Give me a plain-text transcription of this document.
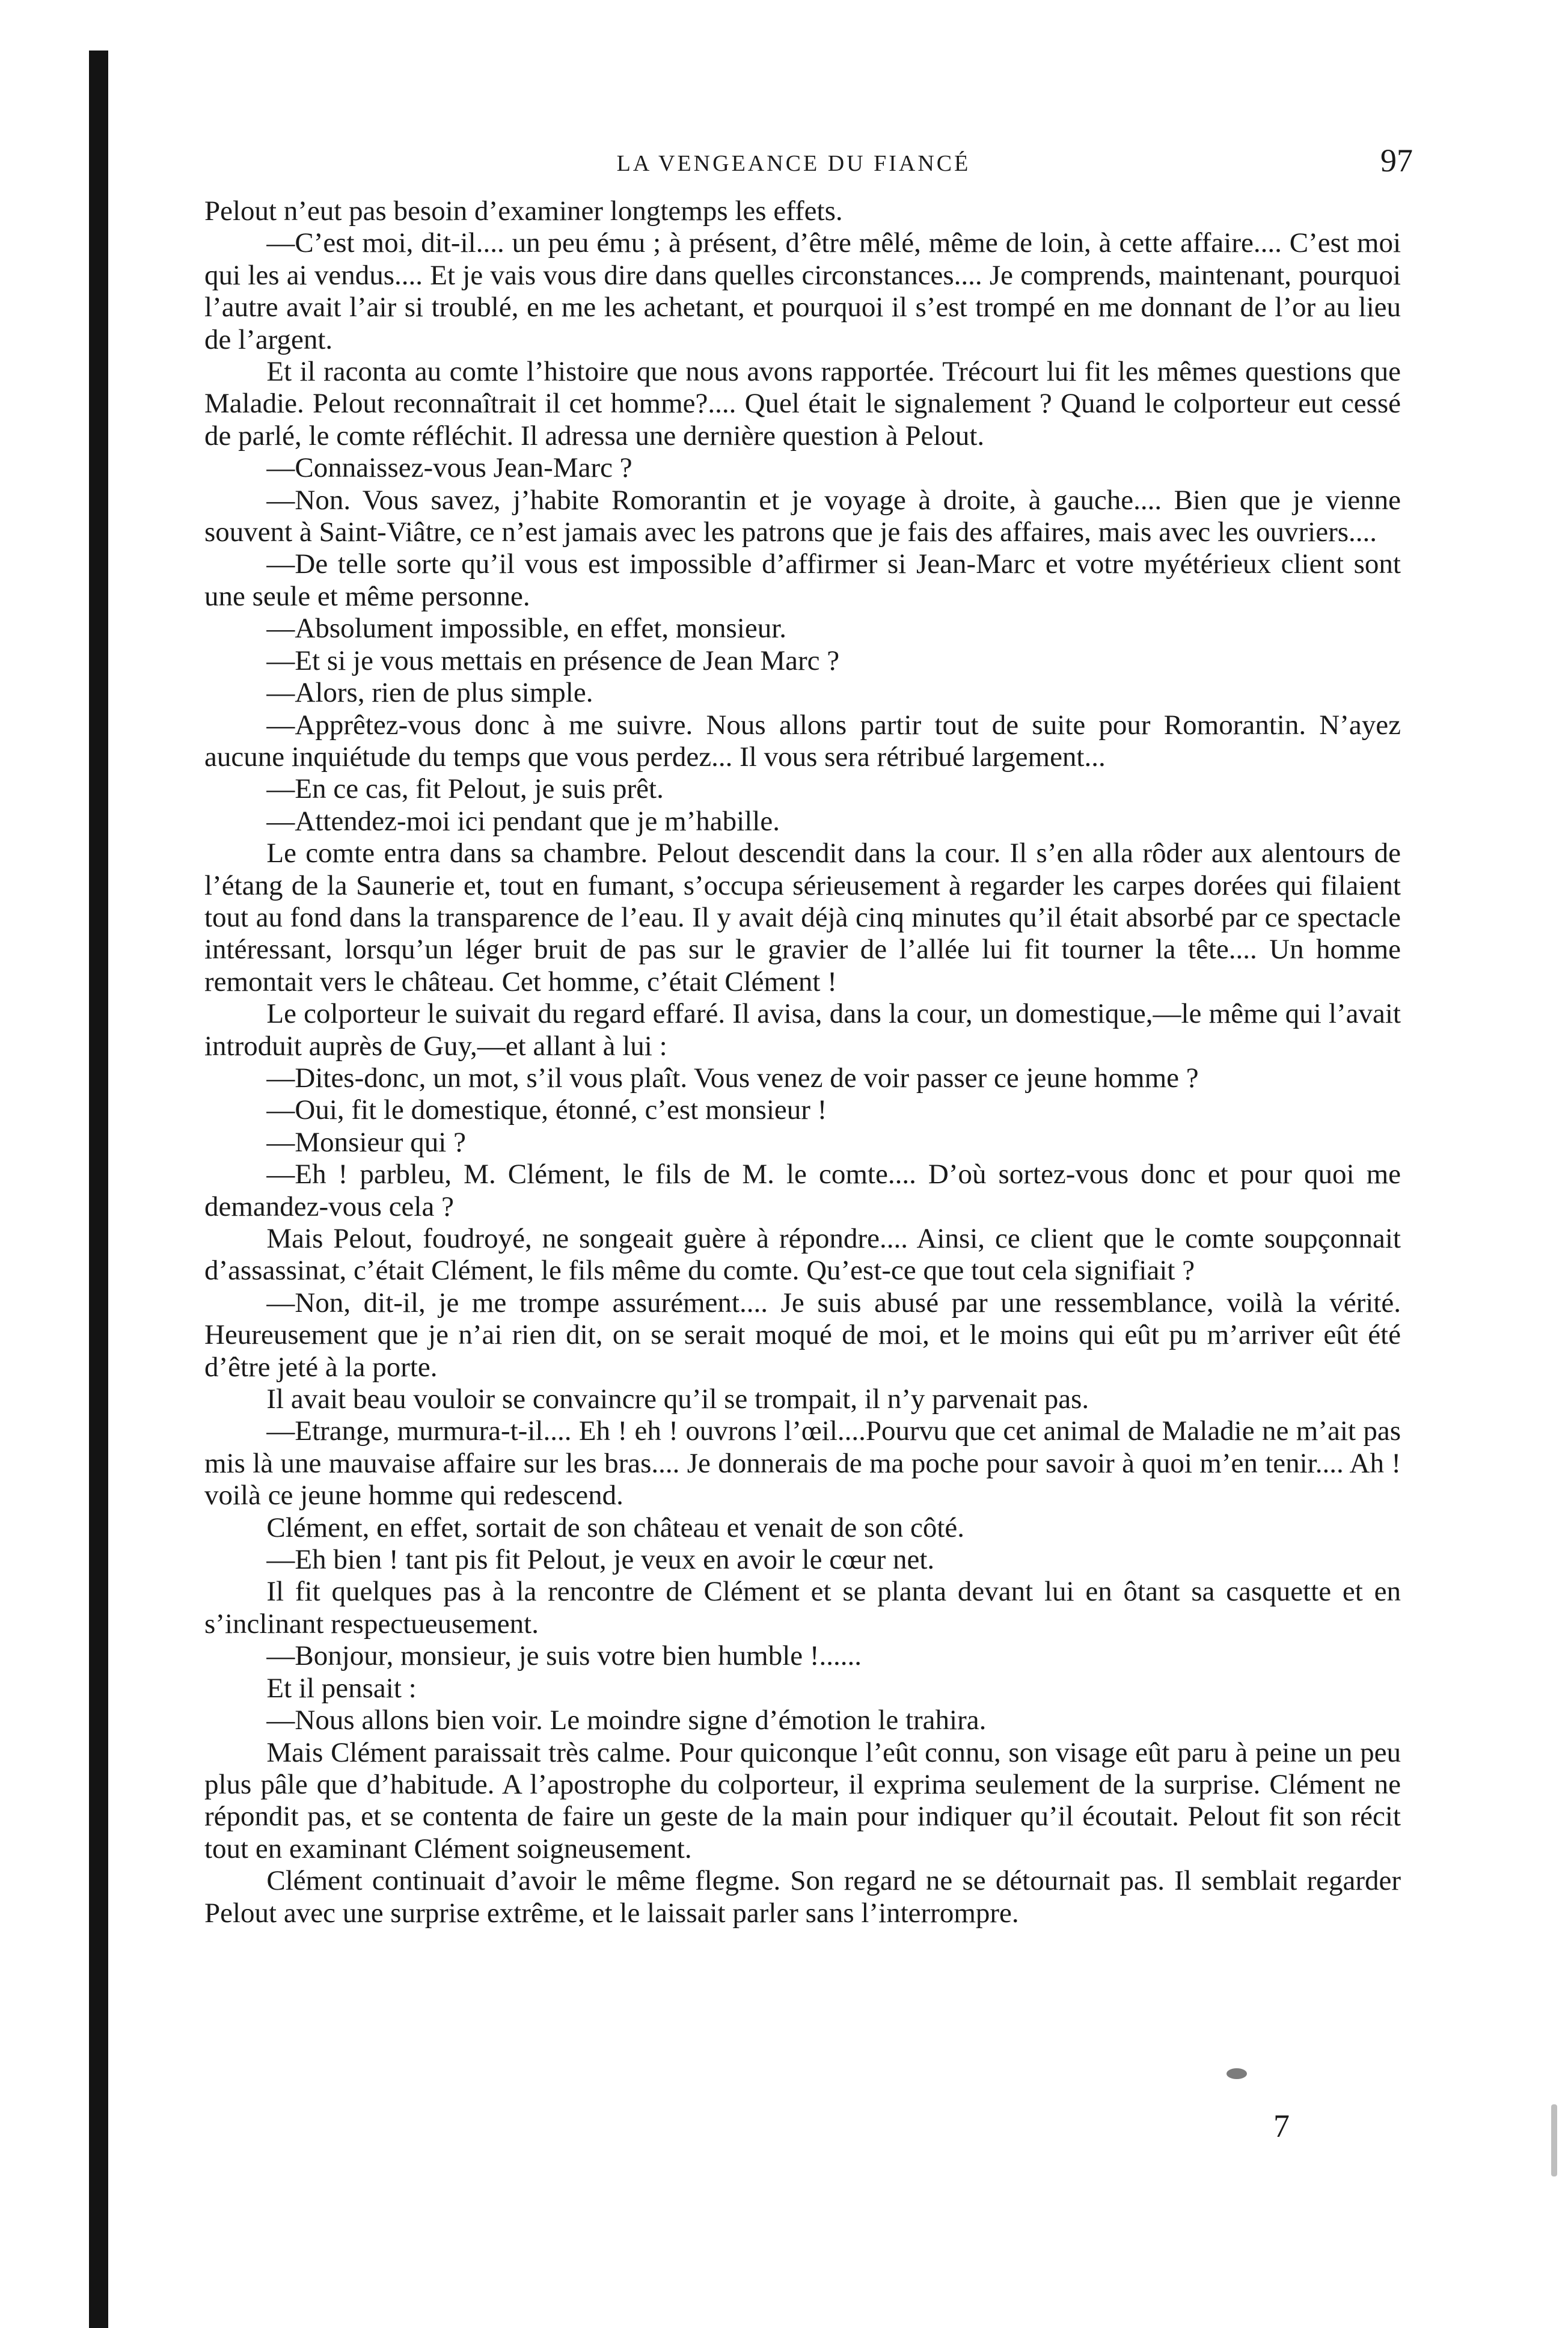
LA VENGEANCE DU FIANCÉ	97

Pelout n’eut pas besoin d’examiner longtemps les effets.

—C’est moi, dit-il.... un peu ému ; à présent, d’être mêlé, même de loin, à cette affaire.... C’est moi qui les ai vendus.... Et je vais vous dire dans quelles circonstances.... Je comprends, maintenant, pourquoi l’autre avait l’air si troublé, en me les achetant, et pourquoi il s’est trompé en me donnant de l’or au lieu de l’argent.

Et il raconta au comte l’histoire que nous avons rapportée. Trécourt lui fit les mêmes questions que Maladie. Pelout reconnaîtrait il cet homme?.... Quel était le signalement ? Quand le colporteur eut cessé de parlé, le comte réfléchit. Il adressa une dernière question à Pelout.

—Connaissez-vous Jean-Marc ?

—Non. Vous savez, j’habite Romorantin et je voyage à droite, à gauche.... Bien que je vienne souvent à Saint-Viâtre, ce n’est jamais avec les patrons que je fais des affaires, mais avec les ouvriers....

—De telle sorte qu’il vous est impossible d’affirmer si Jean-Marc et votre myétérieux client sont une seule et même personne.

—Absolument impossible, en effet, monsieur.

—Et si je vous mettais en présence de Jean Marc ?

—Alors, rien de plus simple.

—Apprêtez-vous donc à me suivre. Nous allons partir tout de suite pour Romorantin. N’ayez aucune inquiétude du temps que vous perdez... Il vous sera rétribué largement...

—En ce cas, fit Pelout, je suis prêt.

—Attendez-moi ici pendant que je m’habille.

Le comte entra dans sa chambre. Pelout descendit dans la cour. Il s’en alla rôder aux alentours de l’étang de la Saunerie et, tout en fumant, s’occupa sérieusement à regarder les carpes dorées qui filaient tout au fond dans la transparence de l’eau. Il y avait déjà cinq minutes qu’il était absorbé par ce spectacle intéressant, lorsqu’un léger bruit de pas sur le gravier de l’allée lui fit tourner la tête.... Un homme remontait vers le château. Cet homme, c’était Clément !

Le colporteur le suivait du regard effaré. Il avisa, dans la cour, un domestique,—le même qui l’avait introduit auprès de Guy,—et allant à lui :

—Dites-donc, un mot, s’il vous plaît. Vous venez de voir passer ce jeune homme ?

—Oui, fit le domestique, étonné, c’est monsieur !

—Monsieur qui ?

—Eh ! parbleu, M. Clément, le fils de M. le comte.... D’où sortez-vous donc et pour quoi me demandez-vous cela ?

Mais Pelout, foudroyé, ne songeait guère à répondre.... Ainsi, ce client que le comte soupçonnait d’assassinat, c’était Clément, le fils même du comte. Qu’est-ce que tout cela signifiait ?

—Non, dit-il, je me trompe assurément.... Je suis abusé par une ressemblance, voilà la vérité. Heureusement que je n’ai rien dit, on se serait moqué de moi, et le moins qui eût pu m’arriver eût été d’être jeté à la porte.

Il avait beau vouloir se convaincre qu’il se trompait, il n’y parvenait pas.

—Etrange, murmura-t-il.... Eh ! eh ! ouvrons l’œil....Pourvu que cet animal de Maladie ne m’ait pas mis là une mauvaise affaire sur les bras.... Je donnerais de ma poche pour savoir à quoi m’en tenir.... Ah ! voilà ce jeune homme qui redescend.

Clément, en effet, sortait de son château et venait de son côté.

—Eh bien ! tant pis fit Pelout, je veux en avoir le cœur net.

Il fit quelques pas à la rencontre de Clément et se planta devant lui en ôtant sa casquette et en s’inclinant respectueusement.

—Bonjour, monsieur, je suis votre bien humble !......

Et il pensait :

—Nous allons bien voir. Le moindre signe d’émotion le trahira.

Mais Clément paraissait très calme. Pour quiconque l’eût connu, son visage eût paru à peine un peu plus pâle que d’habitude. A l’apostrophe du colporteur, il exprima seulement de la surprise. Clément ne répondit pas, et se contenta de faire un geste de la main pour indiquer qu’il écoutait. Pelout fit son récit tout en examinant Clément soigneusement.

Clément continuait d’avoir le même flegme. Son regard ne se détournait pas. Il semblait regarder Pelout avec une surprise extrême, et le laissait parler sans l’interrompre.

7
